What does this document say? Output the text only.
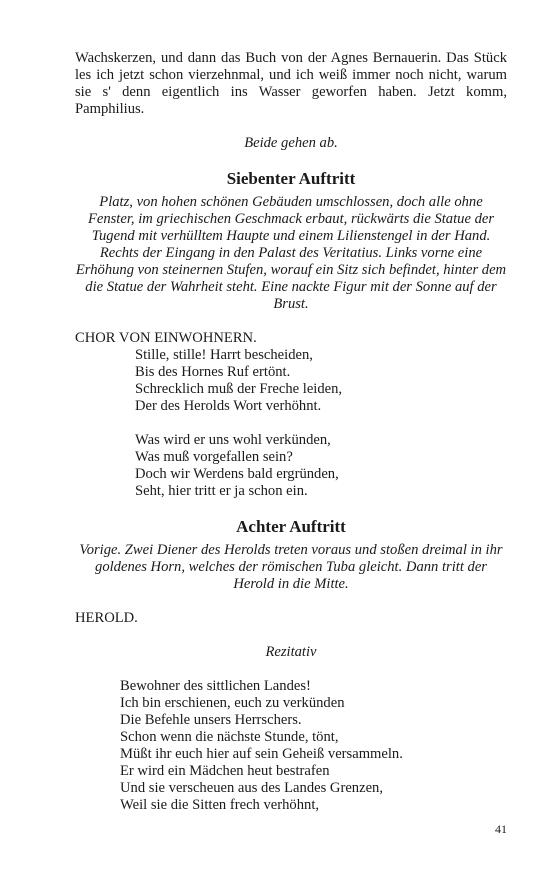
Wachskerzen, und dann das Buch von der Agnes Bernauerin. Das Stück les ich jetzt schon vierzehnmal, und ich weiß immer noch nicht, warum sie s' denn eigentlich ins Wasser geworfen haben. Jetzt komm, Pamphilius.

Beide gehen ab.

Siebenter Auftritt

Platz, von hohen schönen Gebäuden umschlossen, doch alle ohne Fenster, im griechischen Geschmack erbaut, rückwärts die Statue der Tugend mit verhülltem Haupte und einem Lilienstengel in der Hand. Rechts der Eingang in den Palast des Veritatius. Links vorne eine Erhöhung von steinernen Stufen, worauf ein Sitz sich befindet, hinter dem die Statue der Wahrheit steht. Eine nackte Figur mit der Sonne auf der Brust.

CHOR VON EINWOHNERN.

Stille, stille! Harrt bescheiden,
Bis des Hornes Ruf ertönt.
Schrecklich muß der Freche leiden,
Der des Herolds Wort verhöhnt.
Was wird er uns wohl verkünden,
Was muß vorgefallen sein?
Doch wir Werdens bald ergründen,
Seht, hier tritt er ja schon ein.
Achter Auftritt

Vorige. Zwei Diener des Herolds treten voraus und stoßen dreimal in ihr goldenes Horn, welches der römischen Tuba gleicht. Dann tritt der Herold in die Mitte.

HEROLD.

Rezitativ

Bewohner des sittlichen Landes!
Ich bin erschienen, euch zu verkünden
Die Befehle unsers Herrschers.
Schon wenn die nächste Stunde, tönt,
Müßt ihr euch hier auf sein Geheiß versammeln.
Er wird ein Mädchen heut bestrafen
Und sie verscheuen aus des Landes Grenzen,
Weil sie die Sitten frech verhöhnt,
41
